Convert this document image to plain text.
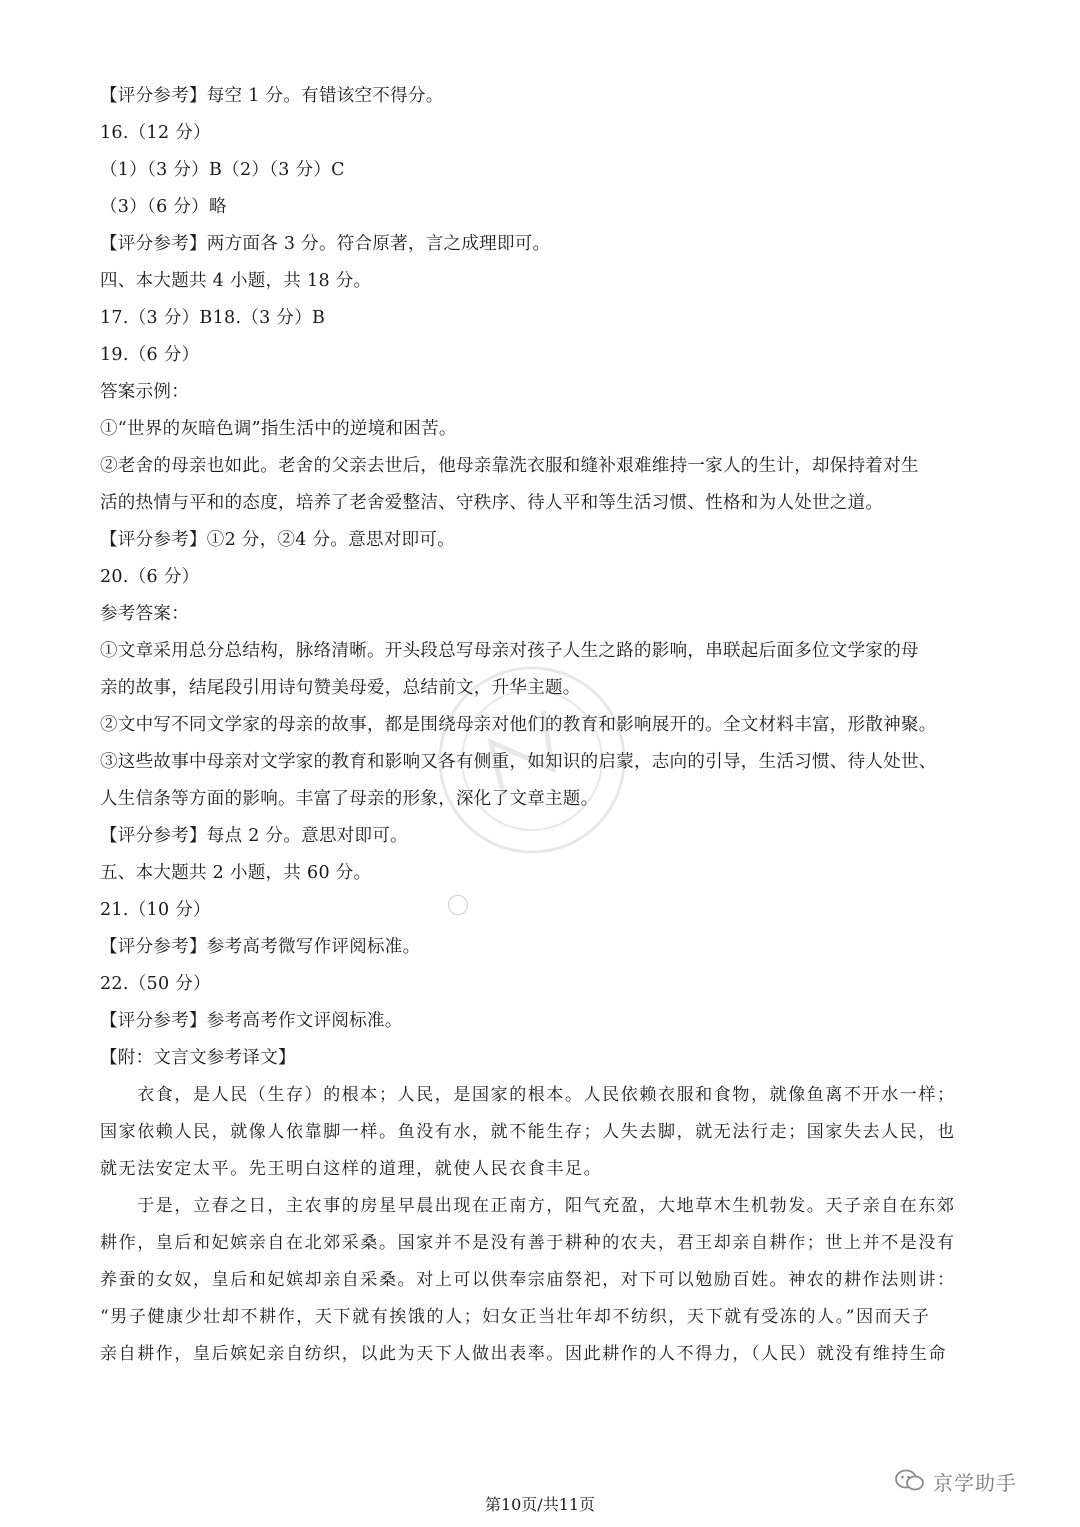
【评分参考】每空 1 分。有错该空不得分。
16.（12 分）
（1）（3 分）B（2）（3 分）C
（3）（6 分）略
【评分参考】两方面各 3 分。符合原著，言之成理即可。
四、本大题共 4 小题，共 18 分。
17.（3 分）B18.（3 分）B
19.（6 分）
答案示例：
①“世界的灰暗色调”指生活中的逆境和困苦。
②老舍的母亲也如此。老舍的父亲去世后，他母亲靠洗衣服和缝补艰难维持一家人的生计，却保持着对生
活的热情与平和的态度，培养了老舍爱整洁、守秩序、待人平和等生活习惯、性格和为人处世之道。
【评分参考】①2 分，②4 分。意思对即可。
20.（6 分）
参考答案：
①文章采用总分总结构，脉络清晰。开头段总写母亲对孩子人生之路的影响，串联起后面多位文学家的母
亲的故事，结尾段引用诗句赞美母爱，总结前文，升华主题。
②文中写不同文学家的母亲的故事，都是围绕母亲对他们的教育和影响展开的。全文材料丰富，形散神聚。
③这些故事中母亲对文学家的教育和影响又各有侧重，如知识的启蒙，志向的引导，生活习惯、待人处世、
人生信条等方面的影响。丰富了母亲的形象，深化了文章主题。
【评分参考】每点 2 分。意思对即可。
五、本大题共 2 小题，共 60 分。
21.（10 分）
【评分参考】参考高考微写作评阅标准。
22.（50 分）
【评分参考】参考高考作文评阅标准。
【附：文言文参考译文】
　　衣食，是人民（生存）的根本；人民，是国家的根本。人民依赖衣服和食物，就像鱼离不开水一样；
国家依赖人民，就像人依靠脚一样。鱼没有水，就不能生存；人失去脚，就无法行走；国家失去人民，也
就无法安定太平。先王明白这样的道理，就使人民衣食丰足。
　　于是，立春之日，主农事的房星早晨出现在正南方，阳气充盈，大地草木生机勃发。天子亲自在东郊
耕作，皇后和妃嫔亲自在北郊采桑。国家并不是没有善于耕种的农夫，君王却亲自耕作；世上并不是没有
养蚕的女奴，皇后和妃嫔却亲自采桑。对上可以供奉宗庙祭祀，对下可以勉励百姓。神农的耕作法则讲：
“男子健康少壮却不耕作，天下就有挨饿的人；妇女正当壮年却不纺织，天下就有受冻的人。”因而天子
亲自耕作，皇后嫔妃亲自纺织，以此为天下人做出表率。因此耕作的人不得力，（人民）就没有维持生命
京学助手
第10页/共11页
